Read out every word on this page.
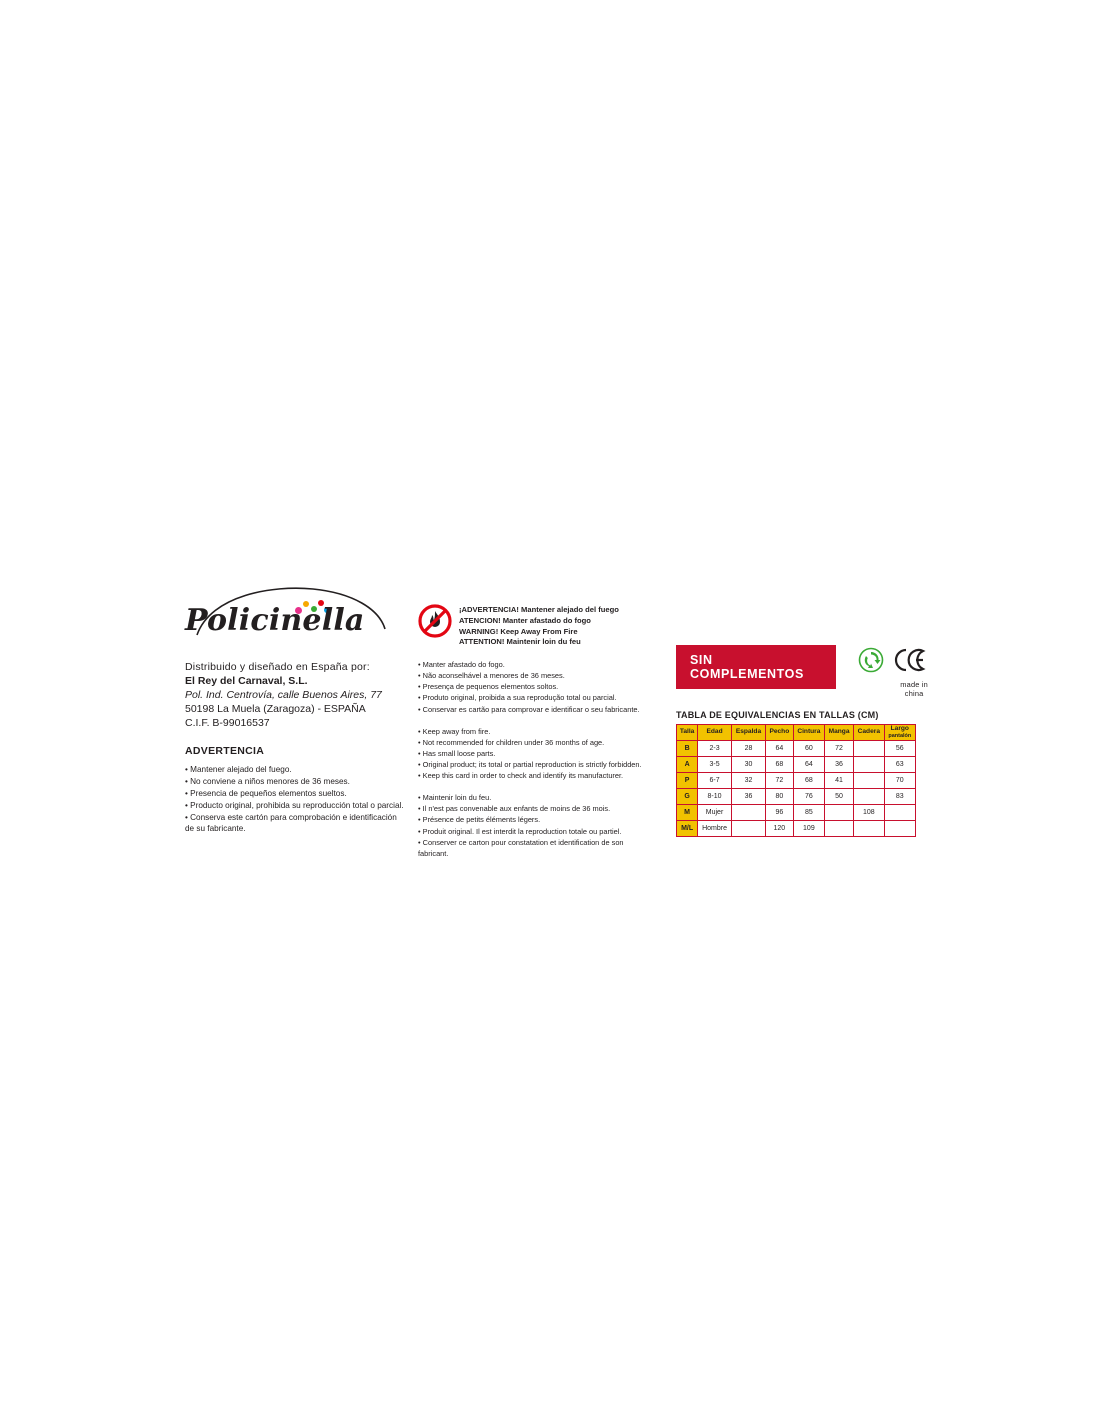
Policinella
Distribuido y diseñado en España por:
El Rey del Carnaval, S.L.
Pol. Ind. Centrovía, calle Buenos Aires, 77
50198 La Muela (Zaragoza) - ESPAÑA
C.I.F. B-99016537
ADVERTENCIA
• Mantener alejado del fuego.
• No conviene a niños menores de 36 meses.
• Presencia de pequeños elementos sueltos.
• Producto original, prohibida su reproducción total o parcial.
• Conserva este cartón para comprobación e identificación
de su fabricante.
¡ADVERTENCIA! Mantener alejado del fuego
ATENCION! Manter afastado do fogo
WARNING! Keep Away From Fire
ATTENTION! Maintenir loin du feu
• Manter afastado do fogo.
• Não aconselhável a menores de 36 meses.
• Presença de pequenos elementos soltos.
• Produto original, proibida a sua reprodução total ou parcial.
• Conservar es cartão para comprovar e identificar o seu fabricante.
• Keep away from fire.
• Not recommended for children under 36 months of age.
• Has small loose parts.
• Original product; its total or partial reproduction is strictly forbidden.
• Keep this card in order to check and identify its manufacturer.
• Maintenir loin du feu.
• Il n'est pas convenable aux enfants de moins de 36 mois.
• Présence de petits éléments légers.
• Produit original. Il est interdit la reproduction totale ou partiel.
• Conserver ce carton pour constatation et identification de son
fabricant.
SIN COMPLEMENTOS
made in china
TABLA DE EQUIVALENCIAS EN TALLAS (CM)
Talla	Edad	Espalda	Pecho	Cintura	Manga	Cadera	Largo
pantalón
B	2-3	28	64	60	72		56
A	3-5	30	68	64	36		63
P	6-7	32	72	68	41		70
G	8-10	36	80	76	50		83
M	Mujer		96	85		108	
M/L	Hombre		120	109			
